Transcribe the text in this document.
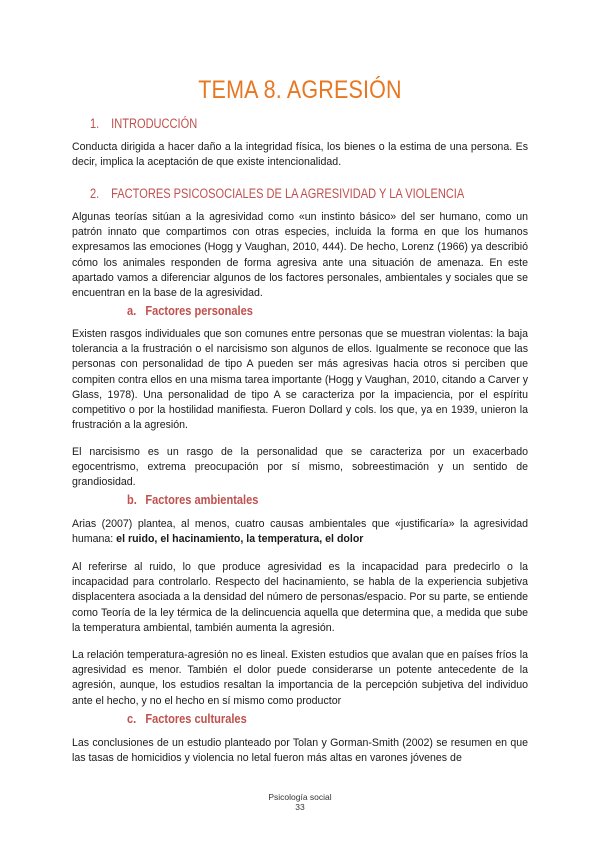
TEMA 8. AGRESIÓN
1. INTRODUCCIÓN

Conducta dirigida a hacer daño a la integridad física, los bienes o la estima de una persona. Es decir, implica la aceptación de que existe intencionalidad.

2. FACTORES PSICOSOCIALES DE LA AGRESIVIDAD Y LA VIOLENCIA

Algunas teorías sitúan a la agresividad como «un instinto básico» del ser humano, como un patrón innato que compartimos con otras especies, incluida la forma en que los humanos expresamos las emociones (Hogg y Vaughan, 2010, 444). De hecho, Lorenz (1966) ya describió cómo los animales responden de forma agresiva ante una situación de amenaza. En este apartado vamos a diferenciar algunos de los factores personales, ambientales y sociales que se encuentran en la base de la agresividad.

a. Factores personales

Existen rasgos individuales que son comunes entre personas que se muestran violentas: la baja tolerancia a la frustración o el narcisismo son algunos de ellos. Igualmente se reconoce que las personas con personalidad de tipo A pueden ser más agresivas hacia otros si perciben que compiten contra ellos en una misma tarea importante (Hogg y Vaughan, 2010, citando a Carver y Glass, 1978). Una personalidad de tipo A se caracteriza por la impaciencia, por el espíritu competitivo o por la hostilidad manifiesta. Fueron Dollard y cols. los que, ya en 1939, unieron la frustración a la agresión.

El narcisismo es un rasgo de la personalidad que se caracteriza por un exacerbado egocentrismo, extrema preocupación por sí mismo, sobreestimación y un sentido de grandiosidad.

b. Factores ambientales

Arias (2007) plantea, al menos, cuatro causas ambientales que «justificaría» la agresividad humana: el ruido, el hacinamiento, la temperatura, el dolor

Al referirse al ruido, lo que produce agresividad es la incapacidad para predecirlo o la incapacidad para controlarlo. Respecto del hacinamiento, se habla de la experiencia subjetiva displacentera asociada a la densidad del número de personas/espacio. Por su parte, se entiende como Teoría de la ley térmica de la delincuencia aquella que determina que, a medida que sube la temperatura ambiental, también aumenta la agresión.

La relación temperatura-agresión no es lineal. Existen estudios que avalan que en países fríos la agresividad es menor. También el dolor puede considerarse un potente antecedente de la agresión, aunque, los estudios resaltan la importancia de la percepción subjetiva del individuo ante el hecho, y no el hecho en sí mismo como productor

c. Factores culturales

Las conclusiones de un estudio planteado por Tolan y Gorman-Smith (2002) se resumen en que las tasas de homicidios y violencia no letal fueron más altas en varones jóvenes de

Psicología social
33
